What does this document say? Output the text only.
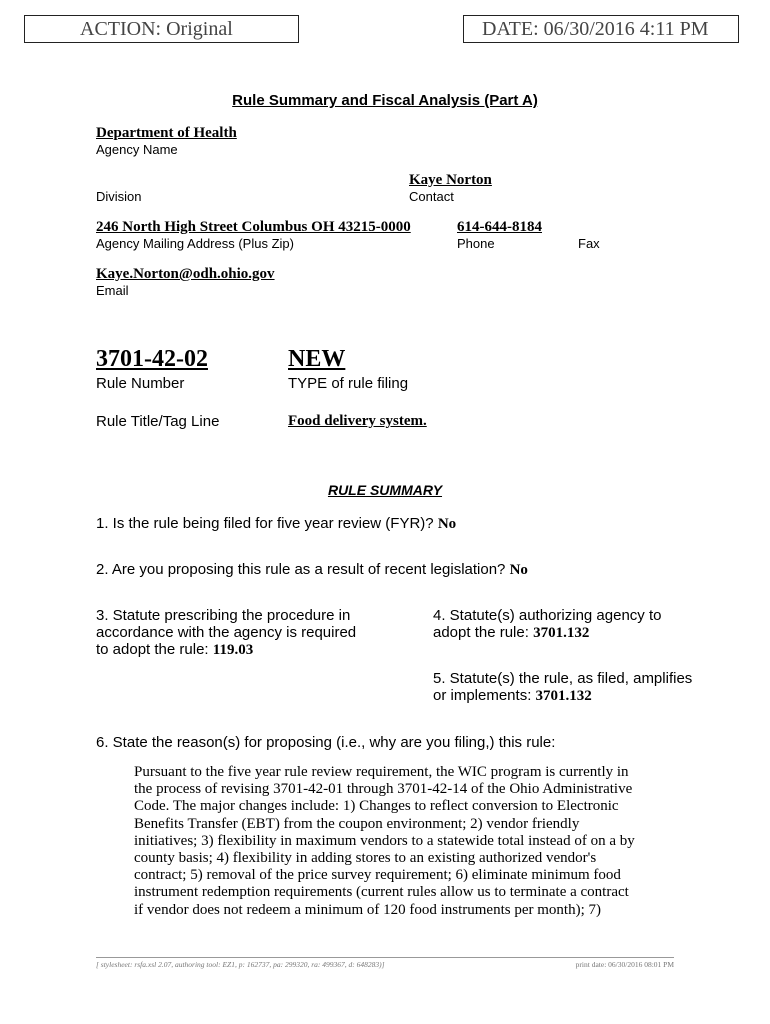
ACTION: Original	DATE: 06/30/2016 4:11 PM
Rule Summary and Fiscal Analysis (Part A)
Department of Health
Agency Name
Kaye Norton
Division	Contact
246 North High Street Columbus OH 43215-0000	614-644-8184
Agency Mailing Address (Plus Zip)	Phone	Fax
Kaye.Norton@odh.ohio.gov
Email
3701-42-02	NEW
Rule Number	TYPE of rule filing
Rule Title/Tag Line	Food delivery system.
RULE SUMMARY
1. Is the rule being filed for five year review (FYR)? No
2. Are you proposing this rule as a result of recent legislation? No
3. Statute prescribing the procedure in
accordance with the agency is required
to adopt the rule: 119.03
4. Statute(s) authorizing agency to
adopt the rule: 3701.132
5. Statute(s) the rule, as filed, amplifies
or implements: 3701.132
6. State the reason(s) for proposing (i.e., why are you filing,) this rule:
Pursuant to the five year rule review requirement, the WIC program is currently in
the process of revising 3701-42-01 through 3701-42-14 of the Ohio Administrative
Code. The major changes include: 1) Changes to reflect conversion to Electronic
Benefits Transfer (EBT) from the coupon environment; 2) vendor friendly
initiatives; 3) flexibility in maximum vendors to a statewide total instead of on a by
county basis; 4) flexibility in adding stores to an existing authorized vendor's
contract; 5) removal of the price survey requirement; 6) eliminate minimum food
instrument redemption requirements (current rules allow us to terminate a contract
if vendor does not redeem a minimum of 120 food instruments per month); 7)
[ stylesheet: rsfa.xsl 2.07, authoring tool: EZ1, p: 162737, pa: 299320, ra: 499367, d: 648283)]	print date: 06/30/2016 08:01 PM
